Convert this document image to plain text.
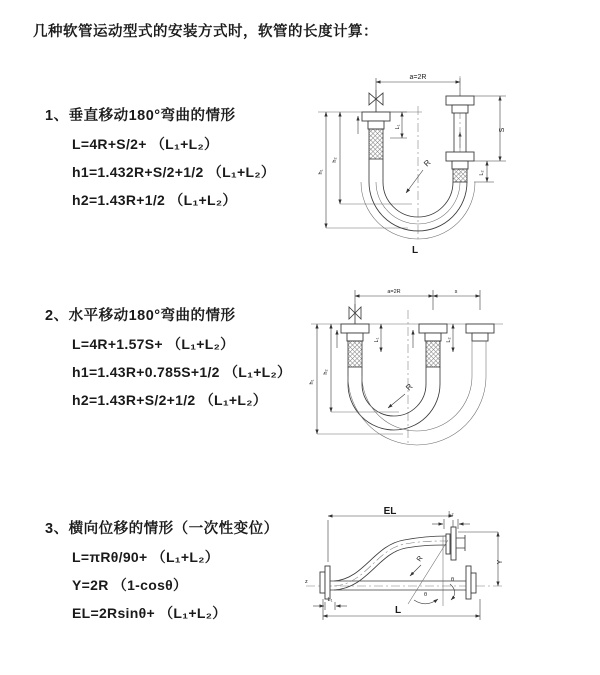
几种软管运动型式的安装方式时，软管的长度计算：
1、垂直移动180°弯曲的情形
L=4R+S/2+ （L₁+L₂）
h1=1.432R+S/2+1/2 （L₁+L₂）
h2=1.43R+1/2 （L₁+L₂）
2、水平移动180°弯曲的情形
L=4R+1.57S+ （L₁+L₂）
h1=1.43R+0.785S+1/2 （L₁+L₂）
h2=1.43R+S/2+1/2 （L₁+L₂）
3、横向位移的情形（一次性变位）
L=πRθ/90+ （L₁+L₂）
Y=2R （1-cosθ）
EL=2Rsinθ+ （L₁+L₂）
a=2R
L₁
S
L₂
h₁
h₂	R
L
a=2R	s
L₁	L₂
h₁
h₂
R
EL	L₂
Y
z
θ
θ
R
L₁
L
